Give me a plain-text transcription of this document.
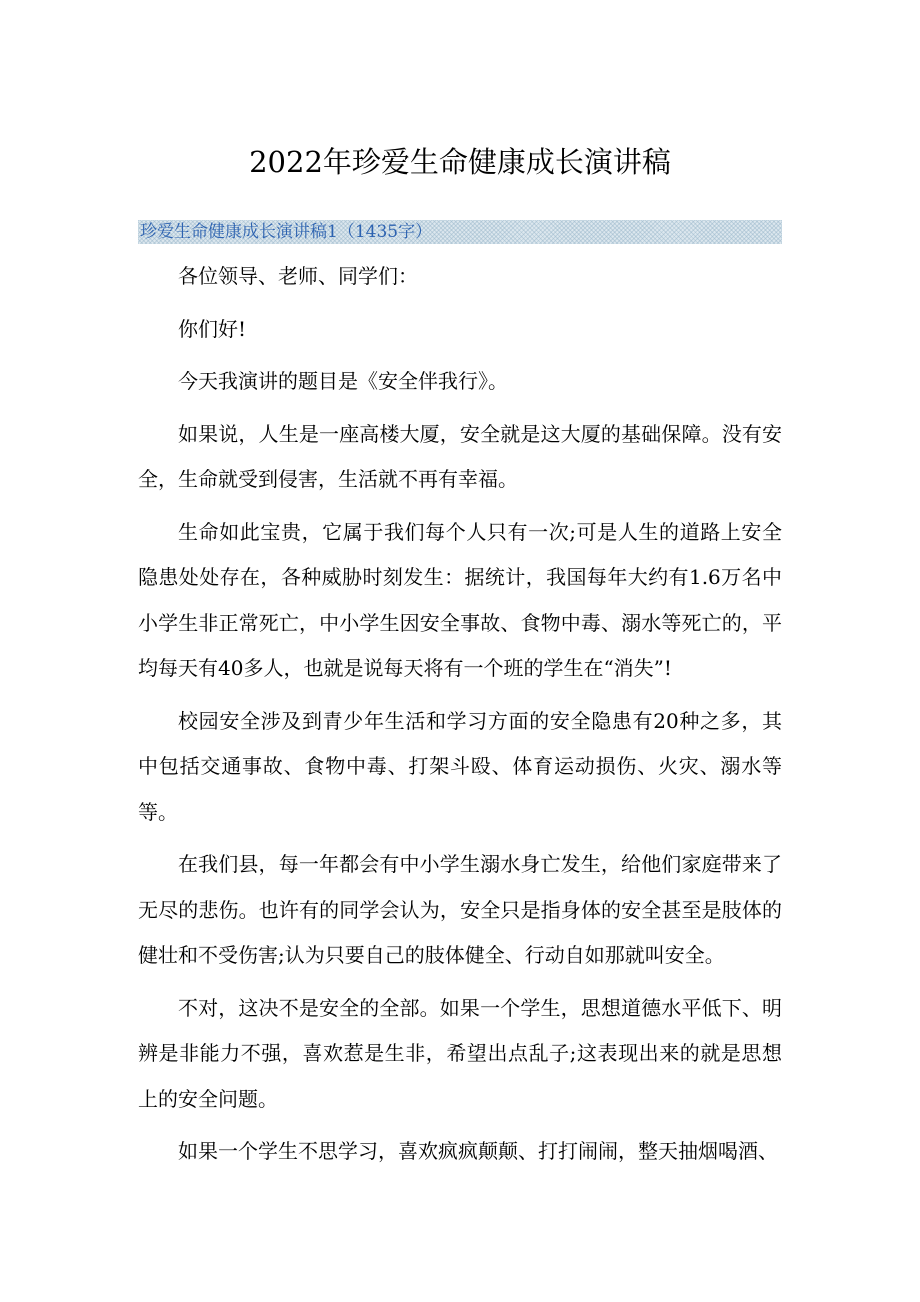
2022年珍爱生命健康成长演讲稿
珍爱生命健康成长演讲稿1（1435字）

各位领导、老师、同学们：

你们好!

今天我演讲的题目是《安全伴我行》。

如果说，人生是一座高楼大厦，安全就是这大厦的基础保障。没有安全，生命就受到侵害，生活就不再有幸福。

生命如此宝贵，它属于我们每个人只有一次;可是人生的道路上安全隐患处处存在，各种威胁时刻发生：据统计，我国每年大约有1.6万名中小学生非正常死亡，中小学生因安全事故、食物中毒、溺水等死亡的，平均每天有40多人，也就是说每天将有一个班的学生在“消失”!

校园安全涉及到青少年生活和学习方面的安全隐患有20种之多，其中包括交通事故、食物中毒、打架斗殴、体育运动损伤、火灾、溺水等等。

在我们县，每一年都会有中小学生溺水身亡发生，给他们家庭带来了无尽的悲伤。也许有的同学会认为，安全只是指身体的安全甚至是肢体的健壮和不受伤害;认为只要自己的肢体健全、行动自如那就叫安全。

不对，这决不是安全的全部。如果一个学生，思想道德水平低下、明辨是非能力不强，喜欢惹是生非，希望出点乱子;这表现出来的就是思想上的安全问题。

如果一个学生不思学习，喜欢疯疯颠颠、打打闹闹，整天抽烟喝酒、
